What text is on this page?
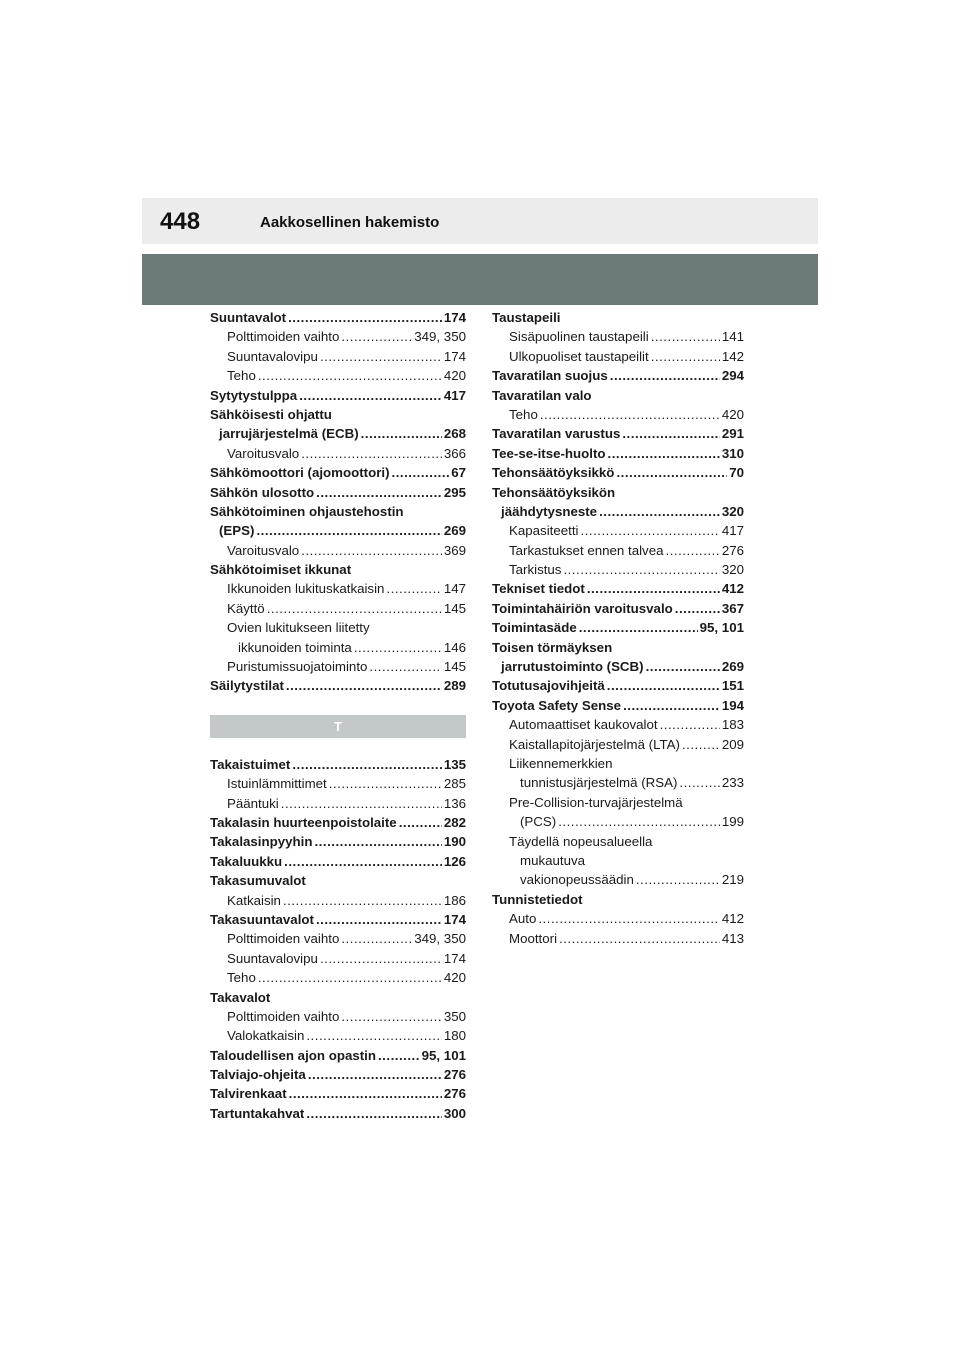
448	Aakkosellinen hakemisto
Suuntavalot .....	174
Polttimoiden vaihto .....	349, 350
Suuntavalovipu .....	174
Teho .....	420
Sytytystulppa .....	417
Sähköisesti ohjattu
jarrujärjestelmä (ECB) .....	268
Varoitusvalo .....	366
Sähkömoottori (ajomoottori) .....	67
Sähkön ulosotto .....	295
Sähkötoiminen ohjaustehostin
(EPS) .....	269
Varoitusvalo .....	369
Sähkötoimiset ikkunat
Ikkunoiden lukituskatkaisin .....	147
Käyttö .....	145
Ovien lukitukseen liitetty
ikkunoiden toiminta .....	146
Puristumissuojatoiminto .....	145
Säilytystilat .....	289
T
Takaistuimet .....	135
Istuinlämmittimet .....	285
Pääntuki .....	136
Takalasin huurteenpoistolaite .....	282
Takalasinpyyhin .....	190
Takaluukku .....	126
Takasumuvalot
Katkaisin .....	186
Takasuuntavalot .....	174
Polttimoiden vaihto .....	349, 350
Suuntavalovipu .....	174
Teho .....	420
Takavalot
Polttimoiden vaihto .....	350
Valokatkaisin .....	180
Taloudellisen ajon opastin .....	95, 101
Talviajo-ohjeita .....	276
Talvirenkaat .....	276
Tartuntakahvat .....	300
Taustapeili
Sisäpuolinen taustapeili .....	141
Ulkopuoliset taustapeilit .....	142
Tavaratilan suojus .....	294
Tavaratilan valo
Teho .....	420
Tavaratilan varustus .....	291
Tee-se-itse-huolto .....	310
Tehonsäätöyksikkö .....	70
Tehonsäätöyksikön
jäähdytysneste .....	320
Kapasiteetti .....	417
Tarkastukset ennen talvea .....	276
Tarkistus .....	320
Tekniset tiedot .....	412
Toimintahäiriön varoitusvalo .....	367
Toimintasäde .....	95, 101
Toisen törmäyksen
jarrutustoiminto (SCB) .....	269
Totutusajovihjeitä .....	151
Toyota Safety Sense .....	194
Automaattiset kaukovalot .....	183
Kaistallapitojärjestelmä (LTA) .....	209
Liikennemerkkien
tunnistusjärjestelmä (RSA) .....	233
Pre-Collision-turvajärjestelmä
(PCS) .....	199
Täydellä nopeusalueella
mukautuva
vakionopeussäädin .....	219
Tunnistetiedot
Auto .....	412
Moottori .....	413
